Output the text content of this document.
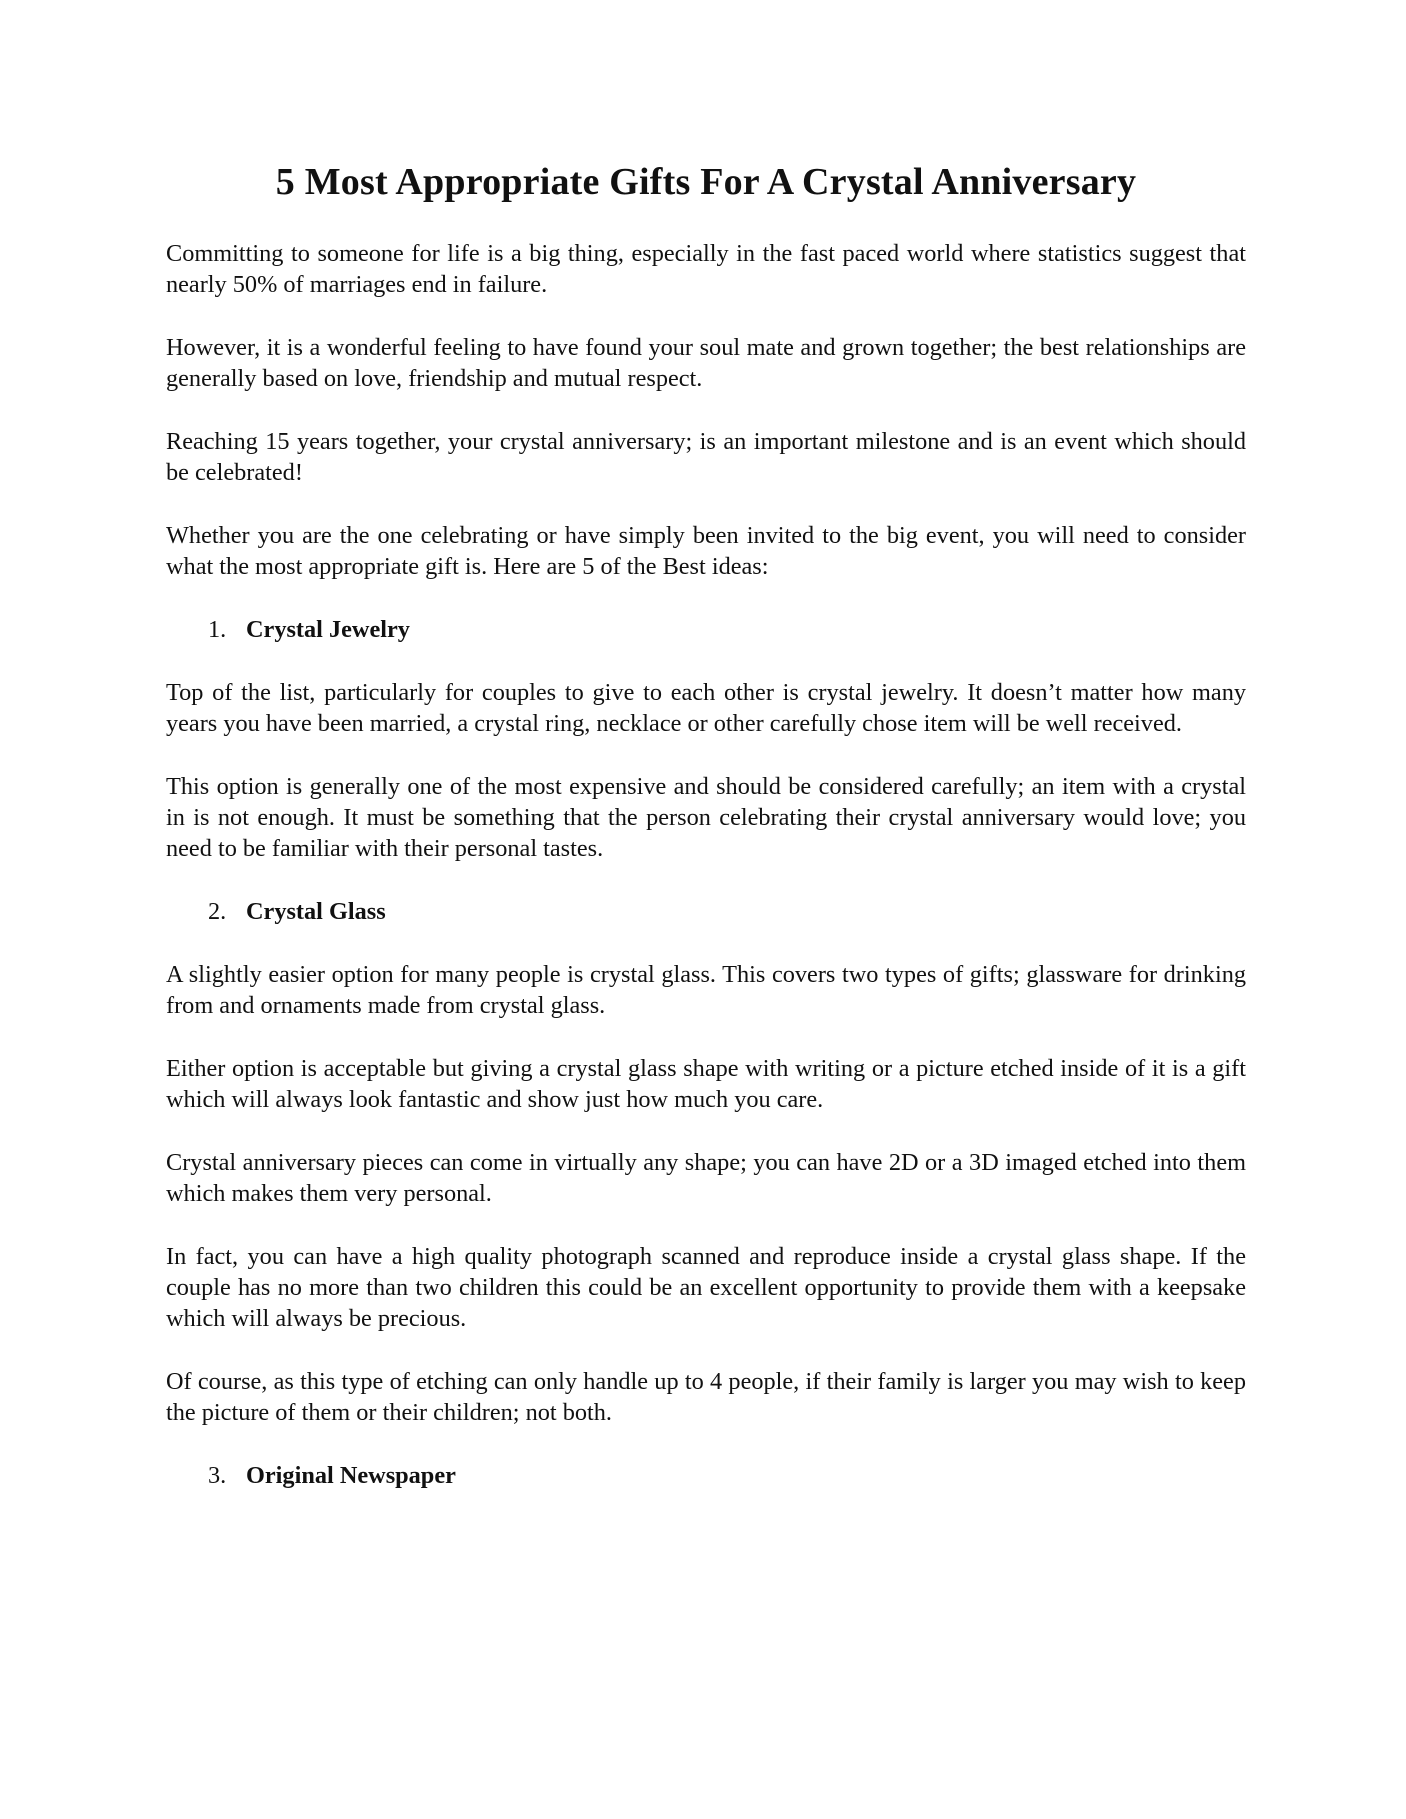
5 Most Appropriate Gifts For A Crystal Anniversary

Committing to someone for life is a big thing, especially in the fast paced world where statistics suggest that nearly 50% of marriages end in failure.

However, it is a wonderful feeling to have found your soul mate and grown together; the best relationships are generally based on love, friendship and mutual respect.

Reaching 15 years together, your crystal anniversary; is an important milestone and is an event which should be celebrated!

Whether you are the one celebrating or have simply been invited to the big event, you will need to consider what the most appropriate gift is. Here are 5 of the Best ideas:

1. Crystal Jewelry

Top of the list, particularly for couples to give to each other is crystal jewelry. It doesn’t matter how many years you have been married, a crystal ring, necklace or other carefully chose item will be well received.

This option is generally one of the most expensive and should be considered carefully; an item with a crystal in is not enough. It must be something that the person celebrating their crystal anniversary would love; you need to be familiar with their personal tastes.

2. Crystal Glass

A slightly easier option for many people is crystal glass. This covers two types of gifts; glassware for drinking from and ornaments made from crystal glass.

Either option is acceptable but giving a crystal glass shape with writing or a picture etched inside of it is a gift which will always look fantastic and show just how much you care.

Crystal anniversary pieces can come in virtually any shape; you can have 2D or a 3D imaged etched into them which makes them very personal.

In fact, you can have a high quality photograph scanned and reproduce inside a crystal glass shape. If the couple has no more than two children this could be an excellent opportunity to provide them with a keepsake which will always be precious.

Of course, as this type of etching can only handle up to 4 people, if their family is larger you may wish to keep the picture of them or their children; not both.

3. Original Newspaper
